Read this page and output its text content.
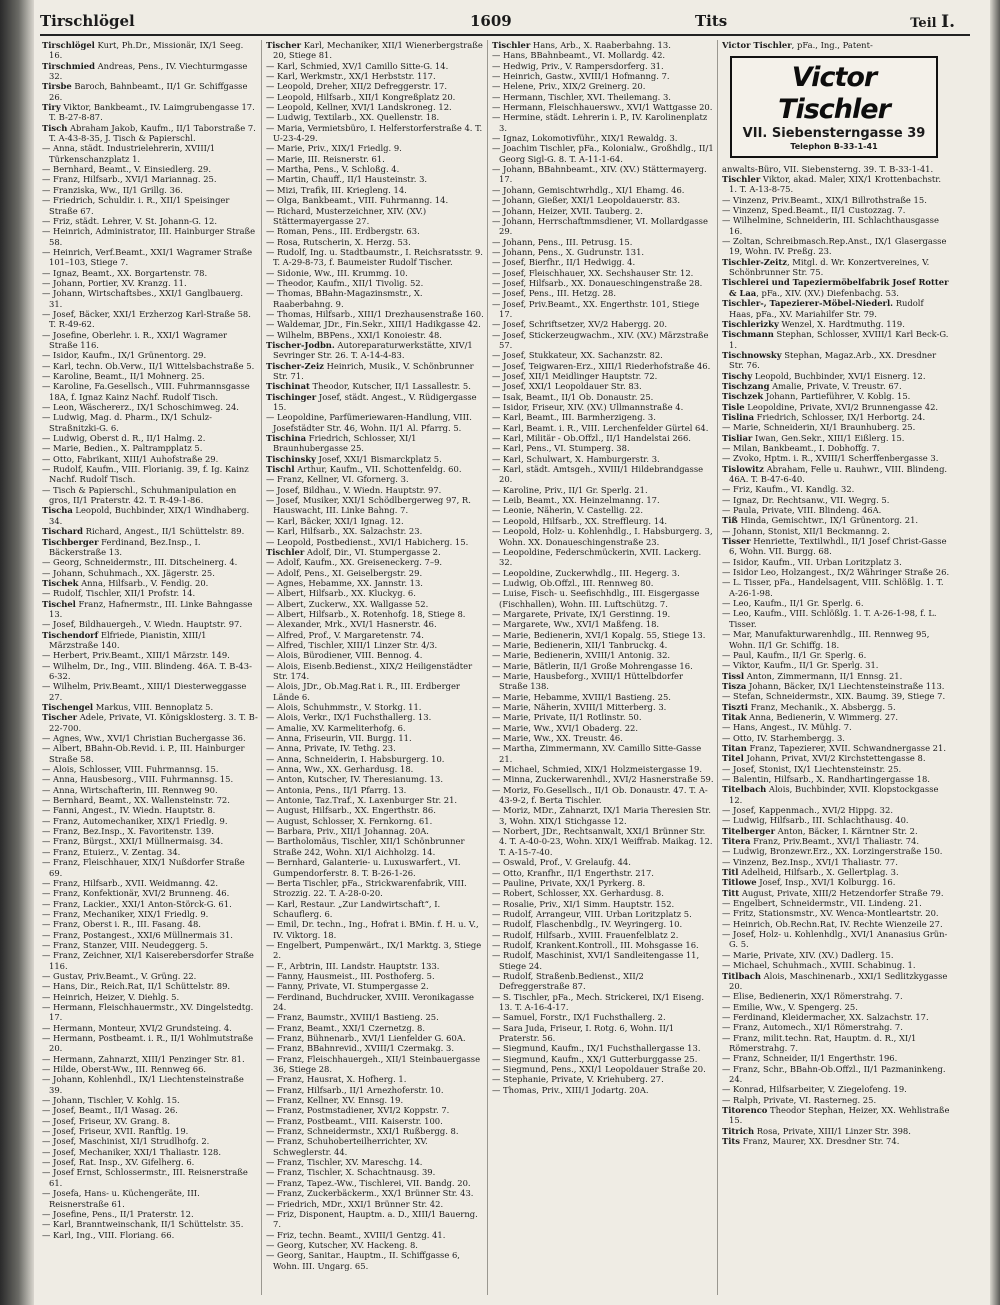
Tirschlögel	1609	Tits	Teil I.

Tirschlögel Kurt, Ph.Dr., Missionär, IX/1 Seeg. 16.

Tirschmied Andreas, Pens., IV. Viechturmgasse 32.

Tirsbe Baroch, Bahnbeamt., II/1 Gr. Schiffgasse 26.

Tiry Viktor, Bankbeamt., IV. Laimgrubengasse 17. T. B-27-8-87.

Tisch Abraham Jakob, Kaufm., II/1 Taborstraße 7. T. A-43-8-35, J. Tisch & Papierschl.

— Anna, städt. Industrielehrerin, XVIII/1 Türkenschanzplatz 1.

— Bernhard, Beamt., V. Einsiedlerg. 29.

— Franz, Hilfsarb., XVI/1 Mariannag. 25.

— Franziska, Ww., II/1 Grillg. 36.

— Friedrich, Schuldir. i. R., XII/1 Speisinger Straße 67.

— Friz, städt. Lehrer, V. St. Johann-G. 12.

— Heinrich, Administrator, III. Hainburger Straße 58.

— Heinrich, Verf.Beamt., XXI/1 Wagramer Straße 101–103, Stiege 7.

— Ignaz, Beamt., XX. Borgartenstr. 78.

— Johann, Portier, XV. Kranzg. 11.

— Johann, Wirtschaftsbes., XXI/1 Ganglbauerg. 31.

— Josef, Bäcker, XXI/1 Erzherzog Karl-Straße 58. T. R-49-62.

— Josefine, Oberlehr. i. R., XXI/1 Wagramer Straße 116.

— Isidor, Kaufm., IX/1 Grünentorg. 29.

— Karl, techn. Ob.Verw., II/1 Wittelsbachstraße 5.

— Karoline, Beamt., II/1 Mohnerg. 25.

— Karoline, Fa.Gesellsch., VIII. Fuhrmannsgasse 18A, f. Ignaz Kainz Nachf. Rudolf Tisch.

— Leon, Wäschererz., IX/1 Schoschimweg. 24.

— Ludwig, Mag. d. Pharm., IX/1 Schulz-Straßnitzki-G. 6.

— Ludwig, Oberst d. R., II/1 Halmg. 2.

— Marie, Bedien., X. Paltrampplatz 5.

— Otto, Fabrikant, XIII/1 Auhofstraße 29.

— Rudolf, Kaufm., VIII. Florianig. 39, f. Ig. Kainz Nachf. Rudolf Tisch.

— Tisch & Papierschl., Schuhmanipulation en gros, II/1 Praterstr. 42. T. R-49-1-86.

Tischa Leopold, Buchbinder, XIX/1 Windhaberg. 34.

Tischard Richard, Angest., II/1 Schüttelstr. 89.

Tischberger Ferdinand, Bez.Insp., I. Bäckerstraße 13.

— Georg, Schneidermstr., III. Ditscheinerg. 4.

— Johann, Schuhmach., XX. Jägerstr. 25.

Tischek Anna, Hilfsarb., V. Fendig. 20.

— Rudolf, Tischler, XII/1 Profstr. 14.

Tischel Franz, Hafnermstr., III. Linke Bahngasse 13.

— Josef, Bildhauergeh., V. Wiedn. Hauptstr. 97.

Tischendorf Elfriede, Pianistin, XIII/1 Märzstraße 140.

— Herbert, Priv.Beamt., XIII/1 Märzstr. 149.

— Wilhelm, Dr., Ing., VIII. Blindeng. 46A. T. B-43-6-32.

— Wilhelm, Priv.Beamt., XIII/1 Diesterweggasse 27.

Tischengel Markus, VIII. Bennoplatz 5.

Tischer Adele, Private, VI. Königsklosterg. 3. T. B-22-700.

— Agnes, Ww., XVI/1 Christian Buchergasse 36.

— Albert, BBahn-Ob.Revid. i. P., III. Hainburger Straße 58.

— Alois, Schlosser, VIII. Fuhrmannsg. 15.

— Anna, Hausbesorg., VIII. Fuhrmannsg. 15.

— Anna, Wirtschafterin, III. Rennweg 90.

— Bernhard, Beamt., XX. Wallensteinstr. 72.

— Fanni, Angest., IV. Wiedn. Hauptstr. 8.

— Franz, Automechaniker, XIX/1 Friedlg. 9.

— Franz, Bez.Insp., X. Favoritenstr. 139.

— Franz, Bürgst., XXI/1 Müllnermaisg. 34.

— Franz, Etuierz., V. Zentag. 34.

— Franz, Fleischhauer, XIX/1 Nußdorfer Straße 69.

— Franz, Hilfsarb., XVII. Weidmanng. 42.

— Franz, Konfektionär, XVI/2 Brunneng. 46.

— Franz, Lackier., XXI/1 Anton-Störck-G. 61.

— Franz, Mechaniker, XIX/1 Friedlg. 9.

— Franz, Oberst i. R., III. Fasang. 48.

— Franz, Postangest., XXI/6 Müllnermais 31.

— Franz, Stanzer, VIII. Neudeggerg. 5.

— Franz, Zeichner, XI/1 Kaiserebersdorfer Straße 116.

— Gustav, Priv.Beamt., V. Grüng. 22.

— Hans, Dir., Reich.Rat, II/1 Schüttelstr. 89.

— Heinrich, Heizer, V. Diehlg. 5.

— Hermann, Fleischhauermstr., XV. Dingelstedtg. 17.

— Hermann, Monteur, XVI/2 Grundsteing. 4.

— Hermann, Postbeamt. i. R., II/1 Wohlmutstraße 20.

— Hermann, Zahnarzt, XIII/1 Penzinger Str. 81.

— Hilde, Oberst-Ww., III. Rennweg 66.

— Johann, Kohlenhdl., IX/1 Liechtensteinstraße 39.

— Johann, Tischler, V. Kohlg. 15.

— Josef, Beamt., II/1 Wasag. 26.

— Josef, Friseur, XV. Grang. 8.

— Josef, Friseur, XVII. Ranftlg. 19.

— Josef, Maschinist, XI/1 Strudlhofg. 2.

— Josef, Mechaniker, XXI/1 Thaliastr. 128.

— Josef, Rat. Insp., XV. Gifelherg. 6.

— Josef Ernst, Schlossermstr., III. Reisnerstraße 61.

— Josefa, Hans- u. Küchengeräte, III. Reisnerstraße 61.

— Josefine, Pens., II/1 Praterstr. 12.

— Karl, Branntweinschank, II/1 Schüttelstr. 35.

— Karl, Ing., VIII. Floriang. 66.

Tischer Karl, Mechaniker, XII/1 Wienerbergstraße 20, Stiege 81.

— Karl, Schmied, XV/1 Camillo Sitte-G. 14.

— Karl, Werkmstr., XX/1 Herbststr. 117.

— Leopold, Dreher, XII/2 Defreggerstr. 17.

— Leopold, Hilfsarb., XII/1 Kongreßplatz 20.

— Leopold, Kellner, XVI/1 Landskroneg. 12.

— Ludwig, Textilarb., XX. Quellenstr. 18.

— Maria, Vermietsbüro, I. Helferstorferstraße 4. T. U-23-4-29.

— Marie, Priv., XIX/1 Friedlg. 9.

— Marie, III. Reisnerstr. 61.

— Martha, Pens., V. Schloßg. 4.

— Martin, Chauff., II/1 Hausteinstr. 3.

— Mizi, Trafik, III. Kriegleng. 14.

— Olga, Bankbeamt., VIII. Fuhrmanng. 14.

— Richard, Musterzeichner, XIV. (XV.) Stättermayergasse 27.

— Roman, Pens., III. Erdbergstr. 63.

— Rosa, Rutscherin, X. Herzg. 53.

— Rudolf, Ing. u. Stadtbaumstr., I. Reichsratsstr. 9. T. A-29-8-73, f. Baumeister Rudolf Tischer.

— Sidonie, Ww., III. Krummg. 10.

— Theodor, Kaufm., XII/1 Tivolig. 52.

— Thomas, BBahn-Magazinsmstr., X. Raaberbahng. 9.

— Thomas, Hilfsarb., XIII/1 Drezhausenstraße 160.

— Waldemar, JDr., Fin.Sekr., XIII/1 Hadikgasse 42.

— Wilhelm, BBPens., XXI/1 Konoiestr. 48.

Tischer-Jodbn. Autoreparaturwerkstätte, XIV/1 Sevringer Str. 26. T. A-14-4-83.

Tischer-Zeiz Heinrich, Musik., V. Schönbrunner Str. 71.

Tischinat Theodor, Kutscher, II/1 Lassallestr. 5.

Tischinger Josef, städt. Angest., V. Rüdigergasse 15.

— Leopoldine, Parfümeriewaren-Handlung, VIII. Josefstädter Str. 46, Wohn. II/1 Al. Pfarrg. 5.

Tischina Friedrich, Schlosser, XI/1 Braunhubergasse 25.

Tischinsky Josef, XXI/1 Bismarckplatz 5.

Tischl Arthur, Kaufm., VII. Schottenfeldg. 60.

— Franz, Kellner, VI. Gfornerg. 3.

— Josef, Bildhau., V. Wiedn. Hauptstr. 97.

— Josef, Musiker, XXI/1 Schödlbergerweg 97, R. Hauswacht, III. Linke Bahng. 7.

— Karl, Bäcker, XXI/1 Ignag. 12.

— Karl, Hilfsarb., XX. Salzachstr. 23.

— Leopold, Postbedienst., XVI/1 Habicherg. 15.

Tischler Adolf, Dir., VI. Stumpergasse 2.

— Adolf, Kaufm., XX. Greiseneckerg. 7–9.

— Adolf, Pens., XI. Geiselbergstr. 29.

— Agnes, Hebamme, XX. Jannstr. 13.

— Albert, Hilfsarb., XX. Kluckyg. 6.

— Albert, Zuckerw., XX. Wallgasse 52.

— Albert, Hilfsarb., X. Rotenhofg. 18, Stiege 8.

— Alexander, Mrk., XVI/1 Hasnerstr. 46.

— Alfred, Prof., V. Margaretenstr. 74.

— Alfred, Tischler, XIII/1 Linzer Str. 4/3.

— Alois, Bürodiener, VIII. Bennog. 4.

— Alois, Eisenb.Bedienst., XIX/2 Heiligenstädter Str. 174.

— Alois, JDr., Ob.Mag.Rat i. R., III. Erdberger Lände 6.

— Alois, Schuhmmstr., V. Storkg. 11.

— Alois, Verkr., IX/1 Fuchsthallerg. 13.

— Amalie, XV. Karmeliterhofg. 6.

— Anna, Friseurin, VII. Burgg. 11.

— Anna, Private, IV. Tethg. 23.

— Anna, Schneiderin, I. Habsburgerg. 10.

— Anna, Ww., XX. Gerhardusg. 18.

— Anton, Kutscher, IV. Theresianumg. 13.

— Antonia, Pens., II/1 Pfarrg. 13.

— Antonie, Taz.Traf., X. Laxenburger Str. 21.

— August, Hilfsarb., XX. Engerthstr. 86.

— August, Schlosser, X. Fernkorng. 61.

— Barbara, Priv., XII/1 Johannag. 20A.

— Bartholomäus, Tischler, XII/1 Schönbrunner Straße 242, Wohn. XI/1 Aichholzg. 14.

— Bernhard, Galanterie- u. Luxuswarfert., VI. Gumpendorferstr. 8. T. B-26-1-26.

— Berta Tischler, pFa., Strickwarenfabrik, VIII. Strozzig. 22. T. A-28-0-20.

— Karl, Restaur. „Zur Landwirtschaft“, I. Schauflerg. 6.

— Emil, Dr. techn., Ing., Hofrat i. BMin. f. H. u. V., IV. Viktorg. 18.

— Engelbert, Pumpenwärt., IX/1 Marktg. 3, Stiege 2.

— F., Arbtrin, III. Landstr. Hauptstr. 133.

— Fanny, Hausmeist., III. Posthoferg. 5.

— Fanny, Private, VI. Stumpergasse 2.

— Ferdinand, Buchdrucker, XVIII. Veronikagasse 24.

— Franz, Baumstr., XVIII/1 Bastieng. 25.

— Franz, Beamt., XXI/1 Czernetzg. 8.

— Franz, Bühnenarb., XVI/1 Lienfelder G. 60A.

— Franz, BBahnrevid., XVIII/1 Czermakg. 3.

— Franz, Fleischhauergeh., XII/1 Steinbauergasse 36, Stiege 28.

— Franz, Hausrat, X. Hofherg. 1.

— Franz, Hilfsarb., II/1 Arnezhoferstr. 10.

— Franz, Kellner, XV. Ennsg. 19.

— Franz, Postmstadiener, XVI/2 Koppstr. 7.

— Franz, Postbeamt., VIII. Kaiserstr. 100.

— Franz, Schneidermstr., XXI/1 Rußbergg. 8.

— Franz, Schuhoberteilherrichter, XV. Schweglerstr. 44.

— Franz, Tischler, XV. Mareschg. 14.

— Franz, Tischler, X. Schachtnausg. 39.

— Franz, Tapez.-Ww., Tischlerei, VII. Bandg. 20.

— Franz, Zuckerbäckerm., XX/1 Brünner Str. 43.

— Friedrich, MDr., XXI/1 Brünner Str. 42.

— Friz, Disponent, Hauptm. a. D., XIII/1 Bauerng. 7.

— Friz, techn. Beamt., XVIII/1 Gentzg. 41.

— Georg, Kutscher, XV. Hackeng. 8.

— Georg, Sanitar., Hauptm., II. Schiffgasse 6, Wohn. III. Ungarg. 65.

Tischler Hans, Arb., X. Raaberbahng. 13.

— Hans, BBahnbeamt., VI. Mollardg. 42.

— Hedwig, Priv., V. Rampersdorferg. 31.

— Heinrich, Gastw., XVIII/1 Hofmanng. 7.

— Helene, Priv., XIX/2 Greinerg. 20.

— Hermann, Tischler, XVI. Theilemang. 3.

— Hermann, Fleischhauerswv., XVI/1 Wattgasse 20.

— Hermine, städt. Lehrerin i. P., IV. Karolinenplatz 3.

— Ignaz, Lokomotivführ., XIX/1 Rewaldg. 3.

— Joachim Tischler, pFa., Kolonialw., Großhdlg., II/1 Georg Sigl-G. 8. T. A-11-1-64.

— Johann, BBahnbeamt., XIV. (XV.) Stättermayerg. 17.

— Johann, Gemischtwrhdlg., XI/1 Ehamg. 46.

— Johann, Gießer, XXI/1 Leopoldauerstr. 83.

— Johann, Heizer, XVII. Tauberg. 2.

— Johann, Herrschaftmmsdiener, VI. Mollardgasse 29.

— Johann, Pens., III. Petrusg. 15.

— Johann, Pens., X. Gudrunstr. 131.

— Josef, Bierfhr., II/1 Hedwigg. 4.

— Josef, Fleischhauer, XX. Sechshauser Str. 12.

— Josef, Hilfsarb., XX. Donaueschingenstraße 28.

— Josef, Pens., III. Hetzg. 28.

— Josef, Priv.Beamt., XX. Engerthstr. 101, Stiege 17.

— Josef, Schriftsetzer, XV/2 Habergg. 20.

— Josef, Stickerzeugwachm., XIV. (XV.) Märzstraße 57.

— Josef, Stukkateur, XX. Sachanzstr. 82.

— Josef, Teigwaren-Erz., XIII/1 Riederhofstraße 46.

— Josef, XII/1 Meidlinger Hauptstr. 72.

— Josef, XXI/1 Leopoldauer Str. 83.

— Isak, Beamt., II/1 Ob. Donaustr. 25.

— Isidor, Friseur, XIV. (XV.) Ullmannstraße 4.

— Karl, Beamt., III. Barmherzigeng. 3.

— Karl, Beamt. i. R., VIII. Lerchenfelder Gürtel 64.

— Karl, Militär - Ob.Offzl., II/1 Handelstai 266.

— Karl, Pens., VI. Stumperg. 38.

— Karl, Schulwart, X. Hamburgerstr. 3.

— Karl, städt. Amtsgeh., XVIII/1 Hildebrandgasse 20.

— Karoline, Priv., II/1 Gr. Sperlg. 21.

— Leib, Beamt., XX. Heinzelmanng. 17.

— Leonie, Näherin, V. Castellig. 22.

— Leopold, Hilfsarb., XX. Streffleurg. 14.

— Leopold, Holz- u. Kohlenhdlg., I. Habsburgerg. 3, Wohn. XX. Donaueschingenstraße 23.

— Leopoldine, Federschmückerin, XVII. Lackerg. 32.

— Leopoldine, Zuckerwhdlg., III. Hegerg. 3.

— Ludwig, Ob.Offzl., III. Rennweg 80.

— Luise, Fisch- u. Seefischhdlg., III. Eisgergasse (Fischhallen), Wohn. III. Luftschützg. 7.

— Margarete, Private, IX/1 Gerstinng. 19.

— Margarete, Ww., XVI/1 Maßfeng. 18.

— Marie, Bedienerin, XVI/1 Kopalg. 55, Stiege 13.

— Marie, Bedienerin, XII/1 Tanbruckg. 4.

— Marie, Bedienerin, XVIII/1 Antonig. 32.

— Marie, Bätlerin, II/1 Große Mohrengasse 16.

— Marie, Hausbeforg., XVIII/1 Hüttelbdorfer Straße 138.

— Marie, Hebamme, XVIII/1 Bastieng. 25.

— Marie, Näherin, XVIII/1 Mitterberg. 3.

— Marie, Private, II/1 Rotlinstr. 50.

— Marie, Ww., XVI/1 Obaderg. 22.

— Marie, Ww., XX. Treustr. 46.

— Martha, Zimmermann, XV. Camillo Sitte-Gasse 21.

— Michael, Schmied, XIX/1 Holzmeistergasse 19.

— Minna, Zuckerwarenhdl., XVI/2 Hasnerstraße 59.

— Moriz, Fo.Gesellsch., II/1 Ob. Donaustr. 47. T. A-43-9-2, f. Berta Tischler.

— Moriz, MDr., Zahnarzt, IX/1 Maria Theresien Str. 3, Wohn. XIX/1 Stichgasse 12.

— Norbert, JDr., Rechtsanwalt, XXI/1 Brünner Str. 4. T. A-40-0-23, Wohn. XIX/1 Weiffrab. Maikag. 12. T. A-15-7-40.

— Oswald, Prof., V. Grelaufg. 44.

— Otto, Kranfhr., II/1 Engerthstr. 217.

— Pauline, Private, XX/1 Pyrkerg. 8.

— Robert, Schlosser, XX. Gerhardusg. 8.

— Rosalie, Priv., XI/1 Simm. Hauptstr. 152.

— Rudolf, Arrangeur, VIII. Urban Loritzplatz 5.

— Rudolf, Flaschenbdlg., IV. Weyringerg. 10.

— Rudolf, Hilfsarb., XVIII. Frauenfelblatz 2.

— Rudolf, Krankent.Kontroll., III. Mohsgasse 16.

— Rudolf, Maschinist, XVI/1 Sandleitengasse 11, Stiege 24.

— Rudolf, Straßenb.Bedienst., XII/2 Defreggerstraße 87.

— S. Tischler, pFa., Mech. Strickerei, IX/1 Eiseng. 13. T. A-16-4-17.

— Samuel, Forstr., IX/1 Fuchsthallerg. 2.

— Sara Juda, Friseur, I. Rotg. 6, Wohn. II/1 Praterstr. 56.

— Siegmund, Kaufm., IX/1 Fuchsthallergasse 13.

— Siegmund, Kaufm., XX/1 Gutterburggasse 25.

— Siegmund, Pens., XXI/1 Leopoldauer Straße 20.

— Stephanie, Private, V. Kriehuberg. 27.

— Thomas, Priv., XIII/1 Jodartg. 20A.

Victor Tischler, pFa., Ing., Patent-

Victor Tischler
VII. Siebensterngasse 39
Telephon B-33-1-41

anwalts-Büro, VII. Siebensterng. 39. T. B-33-1-41.

Tischler Viktor, akad. Maler, XIX/1 Krottenbachstr. 1. T. A-13-8-75.

— Vinzenz, Priv.Beamt., XIX/1 Billrothstraße 15.

— Vinzenz, Sped.Beamt., II/1 Custozzag. 7.

— Wilhelmine, Schneiderin, III. Schlachthausgasse 16.

— Zoltan, Schreibmasch.Rep.Anst., IX/1 Glasergasse 19, Wohn. IV. Preßg. 23.

Tischler-Zeitz, Mitgl. d. Wr. Konzertvereines, V. Schönbrunner Str. 75.

Tischlerei und Tapeziermöbelfabrik Josef Rotter & Laa, pFa., XIV. (XV.) Diefenbachg. 53.

Tischler-, Tapezierer-Möbel-Niederl. Rudolf Haas, pFa., XV. Mariahilfer Str. 79.

Tischlerizky Wenzel, X. Hardtmuthg. 119.

Tischmann Stephan, Schlosser, XVIII/1 Karl Beck-G. 1.

Tischnowsky Stephan, Magaz.Arb., XX. Dresdner Str. 76.

Tischy Leopold, Buchbinder, XVI/1 Eisnerg. 12.

Tischzang Amalie, Private, V. Treustr. 67.

Tischzek Johann, Partieführer, V. Koblg. 15.

Tisle Leopoldine, Private, XVI/2 Brunnengasse 42.

Tislina Friedrich, Schlosser, IX/1 Herbortg. 24.

— Marie, Schneiderin, XI/1 Braunhuberg. 25.

Tisliar Iwan, Gen.Sekr., XIII/1 Eißlerg. 15.

— Milan, Bankbeamt., I. Dobhoffg. 7.

— Zvoko, Hptm. i. R., XVIII/1 Scherffenbergasse 3.

Tislowitz Abraham, Felle u. Rauhwr., VIII. Blindeng. 46A. T. B-47-6-40.

— Friz, Kaufm., VI. Kandlg. 32.

— Ignaz, Dr. Rechtsanw., VII. Wegrg. 5.

— Paula, Private, VIII. Blindeng. 46A.

Tiß Hinda, Gemischtwr., IX/1 Grünentorg. 21.

— Johann, Stonist, XII/1 Beckmanng. 2.

Tisser Henriette, Textilwhdl., II/1 Josef Christ-Gasse 6, Wohn. VII. Burgg. 68.

— Isidor, Kaufm., VII. Urban Loritzplatz 3.

— Isidor Leo, Holzangest., IX/2 Währinger Straße 26.

— L. Tisser, pFa., Handelsagent, VIII. Schlößlg. 1. T. A-26-1-98.

— Leo, Kaufm., II/1 Gr. Sperlg. 6.

— Leo, Kaufm., VIII. Schlößlg. 1. T. A-26-1-98, f. L. Tisser.

— Mar, Manufakturwarenhdlg., III. Rennweg 95, Wohn. II/1 Gr. Schiffg. 18.

— Paul, Kaufm., II/1 Gr. Sperlg. 6.

— Viktor, Kaufm., II/1 Gr. Sperlg. 31.

Tissl Anton, Zimmermann, II/1 Ennsg. 21.

Tisza Johann, Bäcker, IX/1 Liechtensteinstraße 113.

— Stefan, Schneidermstr., XIX. Baumg. 39, Stiege 7.

Tiszti Franz, Mechanik., X. Absbergg. 5.

Titak Anna, Bedienerin, V. Wimmerg. 27.

— Hans, Angest., IV. Mühlg. 7.

— Otto, IV. Starhembergg. 3.

Titan Franz, Tapezierer, XVII. Schwandnergasse 21.

Titel Johann, Privat, XVI/2 Kirchstettengasse 8.

— Josef, Stonist, IX/1 Liechtensteinstr. 25.

— Balentin, Hilfsarb., X. Randhartingergasse 18.

Titelbach Alois, Buchbinder, XVII. Klopstockgasse 12.

— Josef, Kappenmach., XVI/2 Hippg. 32.

— Ludwig, Hilfsarb., III. Schlachthausg. 40.

Titelberger Anton, Bäcker, I. Kärntner Str. 2.

Titera Franz, Priv.Beamt., XVI/1 Thaliastr. 74.

— Ludwig, Bronzewr.Erz., XX. Lorzingerstraße 150.

— Vinzenz, Bez.Insp., XVI/1 Thaliastr. 77.

Titl Adelheid, Hilfsarb., X. Gellertplag. 3.

Titlowe Josef, Insp., XVI/1 Kolburgg. 16.

Titt August, Private, XIII/2 Hetzendorfer Straße 79.

— Engelbert, Schneidermstr., VII. Lindeng. 21.

— Fritz, Stationsmstr., XV. Wenca-Montleartstr. 20.

— Heinrich, Ob.Rechn.Rat, IV. Rechte Wienzeile 27.

— Josef, Holz- u. Kohlenhdlg., XVI/1 Ananasius Grün-G. 5.

— Marie, Private, XIV. (XV.) Dadlerg. 15.

— Michael, Schuhmach., XVIII. Schabinug. 1.

Titlbach Alois, Maschinenarb., XXI/1 Sedlitzkygasse 20.

— Elise, Bedienerin, XX/1 Römerstrahg. 7.

— Emilie, Ww., V. Spengerg. 25.

— Ferdinand, Kleidermacher, XX. Salzachstr. 17.

— Franz, Automech., XI/1 Römerstrahg. 7.

— Franz, milit.techn. Rat, Hauptm. d. R., XI/1 Römerstrahg. 7.

— Franz, Schneider, II/1 Engerthstr. 196.

— Franz, Schr., BBahn-Ob.Offzl., II/1 Pazmaninkeng. 24.

— Konrad, Hilfsarbeiter, V. Ziegelofeng. 19.

— Ralph, Private, VI. Rasterneg. 25.

Titorenco Theodor Stephan, Heizer, XX. Wehlistraße 15.

Titrich Rosa, Private, XIII/1 Linzer Str. 398.

Tits Franz, Maurer, XX. Dresdner Str. 74.
